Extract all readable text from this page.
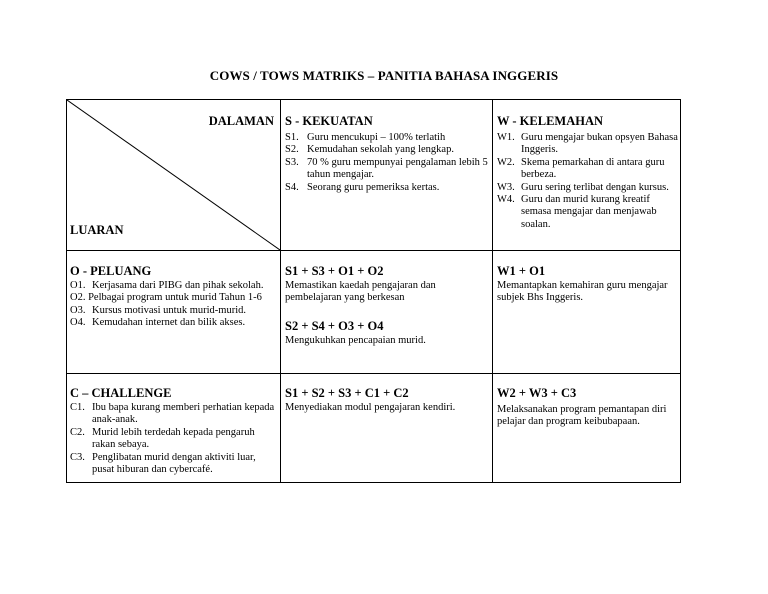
COWS / TOWS MATRIKS – PANITIA BAHASA INGGERIS
DALAMAN
LUARAN
S - KEKUATAN
S1. Guru mencukupi – 100% terlatih
S2. Kemudahan sekolah yang lengkap.
S3. 70 % guru mempunyai pengalaman lebih 5 tahun mengajar.
S4. Seorang guru pemeriksa kertas.
W - KELEMAHAN
W1. Guru mengajar bukan opsyen Bahasa Inggeris.
W2. Skema pemarkahan di antara guru berbeza.
W3. Guru sering terlibat dengan kursus.
W4. Guru dan murid kurang kreatif semasa mengajar dan menjawab soalan.
O - PELUANG
O1. Kerjasama dari PIBG dan pihak sekolah.
O2. Pelbagai program untuk murid Tahun 1-6
O3. Kursus motivasi untuk murid-murid.
O4. Kemudahan internet dan bilik akses.
S1 + S3 + O1 + O2
Memastikan kaedah pengajaran dan pembelajaran yang berkesan
S2 + S4 + O3 + O4
Mengukuhkan pencapaian murid.
W1 + O1
Memantapkan kemahiran guru mengajar subjek Bhs Inggeris.
C – CHALLENGE
C1. Ibu bapa kurang memberi perhatian kepada anak-anak.
C2. Murid lebih terdedah kepada pengaruh rakan sebaya.
C3. Penglibatan murid dengan aktiviti luar, pusat hiburan dan cybercafé.
S1 + S2 + S3 + C1 + C2
Menyediakan modul pengajaran kendiri.
W2 + W3 + C3
Melaksanakan program pemantapan diri pelajar dan program keibubapaan.
